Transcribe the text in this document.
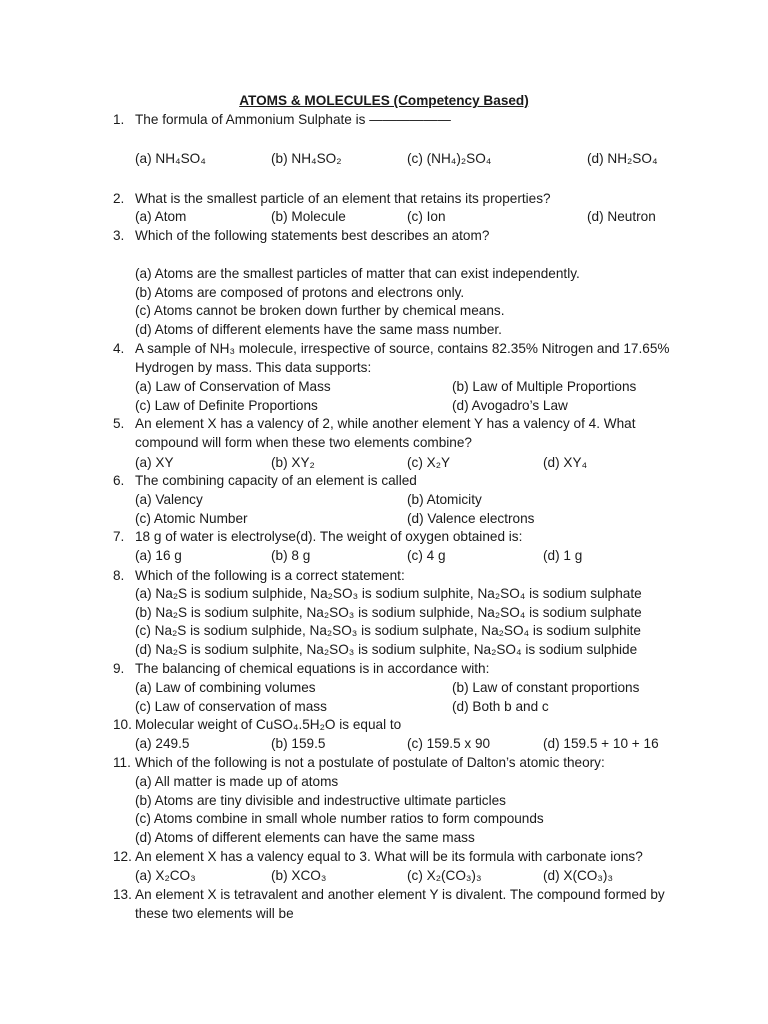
ATOMS & MOLECULES (Competency Based)
1. The formula of Ammonium Sulphate is ——————
(a) NH₄SO₄	(b) NH₄SO₂	(c) (NH₄)₂SO₄	(d) NH₂SO₄
2. What is the smallest particle of an element that retains its properties?
(a) Atom	(b) Molecule	(c) Ion	(d) Neutron
3. Which of the following statements best describes an atom?
(a) Atoms are the smallest particles of matter that can exist independently.
(b) Atoms are composed of protons and electrons only.
(c) Atoms cannot be broken down further by chemical means.
(d) Atoms of different elements have the same mass number.
4. A sample of NH₃ molecule, irrespective of source, contains 82.35% Nitrogen and 17.65%
Hydrogen by mass. This data supports:
(a) Law of Conservation of Mass	(b) Law of Multiple Proportions
(c) Law of Definite Proportions	(d) Avogadro’s Law
5. An element X has a valency of 2, while another element Y has a valency of 4. What
compound will form when these two elements combine?
(a) XY	(b) XY₂	(c) X₂Y	(d) XY₄
6. The combining capacity of an element is called
(a) Valency	(b) Atomicity
(c) Atomic Number	(d) Valence electrons
7. 18 g of water is electrolyse(d). The weight of oxygen obtained is:
(a) 16 g	(b) 8 g	(c) 4 g	(d) 1 g
8. Which of the following is a correct statement:
(a) Na₂S is sodium sulphide, Na₂SO₃ is sodium sulphite, Na₂SO₄ is sodium sulphate
(b) Na₂S is sodium sulphite, Na₂SO₃ is sodium sulphide, Na₂SO₄ is sodium sulphate
(c) Na₂S is sodium sulphide, Na₂SO₃ is sodium sulphate, Na₂SO₄ is sodium sulphite
(d) Na₂S is sodium sulphite, Na₂SO₃ is sodium sulphite, Na₂SO₄ is sodium sulphide
9. The balancing of chemical equations is in accordance with:
(a) Law of combining volumes	(b) Law of constant proportions
(c) Law of conservation of mass	(d) Both b and c
10. Molecular weight of CuSO₄.5H₂O is equal to
(a) 249.5	(b) 159.5	(c) 159.5 x 90	(d) 159.5 + 10 + 16
11. Which of the following is not a postulate of postulate of Dalton’s atomic theory:
(a) All matter is made up of atoms
(b) Atoms are tiny divisible and indestructive ultimate particles
(c) Atoms combine in small whole number ratios to form compounds
(d) Atoms of different elements can have the same mass
12. An element X has a valency equal to 3. What will be its formula with carbonate ions?
(a) X₂CO₃	(b) XCO₃	(c) X₂(CO₃)₃	(d) X(CO₃)₃
13. An element X is tetravalent and another element Y is divalent. The compound formed by
these two elements will be
